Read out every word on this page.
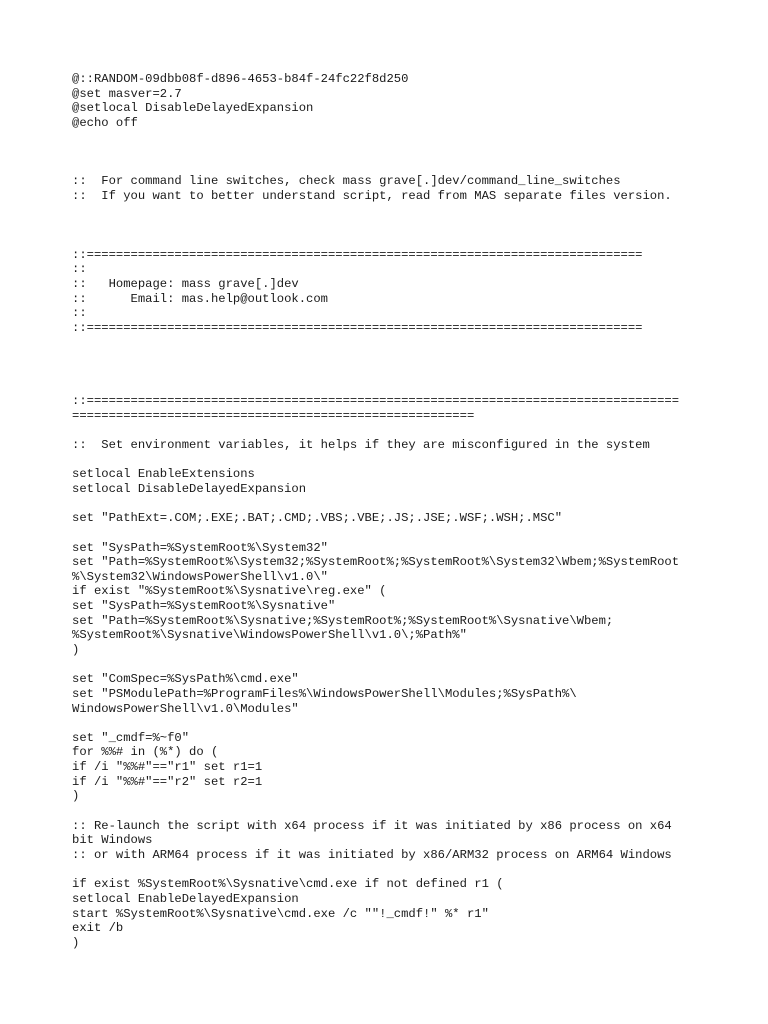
@::RANDOM-09dbb08f-d896-4653-b84f-24fc22f8d250
@set masver=2.7
@setlocal DisableDelayedExpansion
@echo off
::  For command line switches, check mass grave[.]dev/command_line_switches
::  If you want to better understand script, read from MAS separate files version.
::============================================================================
::
::   Homepage: mass grave[.]dev
::      Email: mas.help@outlook.com
::
::============================================================================
::=================================================================================
=======================================================
::  Set environment variables, it helps if they are misconfigured in the system
setlocal EnableExtensions
setlocal DisableDelayedExpansion
set "PathExt=.COM;.EXE;.BAT;.CMD;.VBS;.VBE;.JS;.JSE;.WSF;.WSH;.MSC"
set "SysPath=%SystemRoot%\System32"
set "Path=%SystemRoot%\System32;%SystemRoot%;%SystemRoot%\System32\Wbem;%SystemRoot
%\System32\WindowsPowerShell\v1.0\"
if exist "%SystemRoot%\Sysnative\reg.exe" (
set "SysPath=%SystemRoot%\Sysnative"
set "Path=%SystemRoot%\Sysnative;%SystemRoot%;%SystemRoot%\Sysnative\Wbem;
%SystemRoot%\Sysnative\WindowsPowerShell\v1.0\;%Path%"
)
set "ComSpec=%SysPath%\cmd.exe"
set "PSModulePath=%ProgramFiles%\WindowsPowerShell\Modules;%SysPath%\
WindowsPowerShell\v1.0\Modules"
set "_cmdf=%~f0"
for %%# in (%*) do (
if /i "%%#"=="r1" set r1=1
if /i "%%#"=="r2" set r2=1
)
:: Re-launch the script with x64 process if it was initiated by x86 process on x64
bit Windows
:: or with ARM64 process if it was initiated by x86/ARM32 process on ARM64 Windows
if exist %SystemRoot%\Sysnative\cmd.exe if not defined r1 (
setlocal EnableDelayedExpansion
start %SystemRoot%\Sysnative\cmd.exe /c ""!_cmdf!" %* r1"
exit /b
)
